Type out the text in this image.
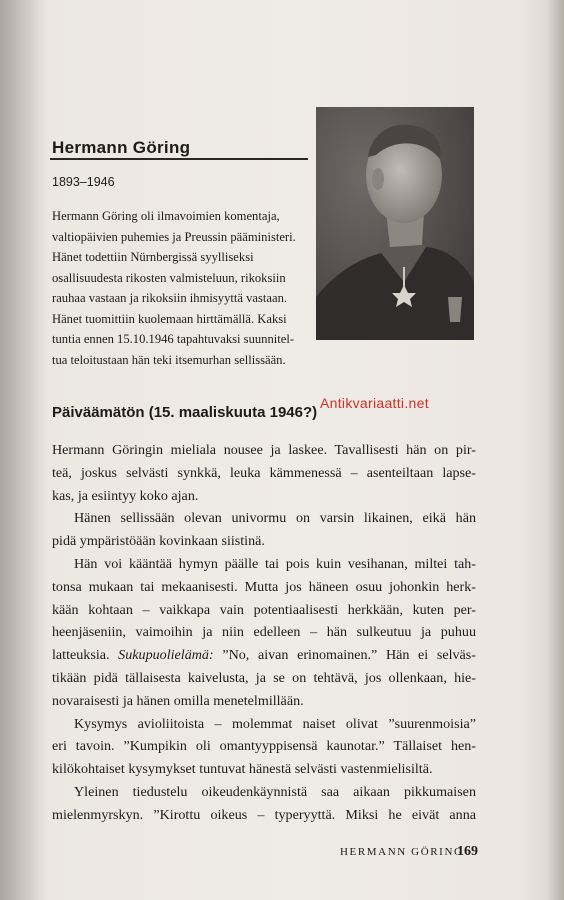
Hermann Göring
1893–1946
Hermann Göring oli ilmavoimien komentaja,
valtiopäivien puhemies ja Preussin pääministeri.
Hänet todettiin Nürnbergissä syylliseksi
osallisuudesta rikosten valmisteluun, rikoksiin
rauhaa vastaan ja rikoksiin ihmisyyttä vastaan.
Hänet tuomittiin kuolemaan hirttämällä. Kaksi
tuntia ennen 15.10.1946 tapahtuvaksi suunnitel-
tua teloitustaan hän teki itsemurhan sellissään.
Päiväämätön (15. maaliskuuta 1946?)
Antikvariaatti.net
Hermann Göringin mieliala nousee ja laskee. Tavallisesti hän on pir-
teä, joskus selvästi synkkä, leuka kämmenessä – asenteiltaan lapse-
kas, ja esiintyy koko ajan.
Hänen sellissään olevan univormu on varsin likainen, eikä hän
pidä ympäristöään kovinkaan siistinä.
Hän voi kääntää hymyn päälle tai pois kuin vesihanan, miltei tah-
tonsa mukaan tai mekaanisesti. Mutta jos häneen osuu johonkin herk-
kään kohtaan – vaikkapa vain potentiaalisesti herkkään, kuten per-
heenjäseniin, vaimoihin ja niin edelleen – hän sulkeutuu ja puhuu
latteuksia. Sukupuolielämä: ”No, aivan erinomainen.” Hän ei selväs-
tikään pidä tällaisesta kaivelusta, ja se on tehtävä, jos ollenkaan, hie-
novaraisesti ja hänen omilla menetelmillään.
Kysymys avioliitoista – molemmat naiset olivat ”suurenmoisia”
eri tavoin. ”Kumpikin oli omantyyppisensä kaunotar.” Tällaiset hen-
kilökohtaiset kysymykset tuntuvat hänestä selvästi vastenmielisiltä.
Yleinen tiedustelu oikeudenkäynnistä saa aikaan pikkumaisen
mielenmyrskyn. ”Kirottu oikeus – typeryyttä. Miksi he eivät anna
HERMANN GÖRING
169
